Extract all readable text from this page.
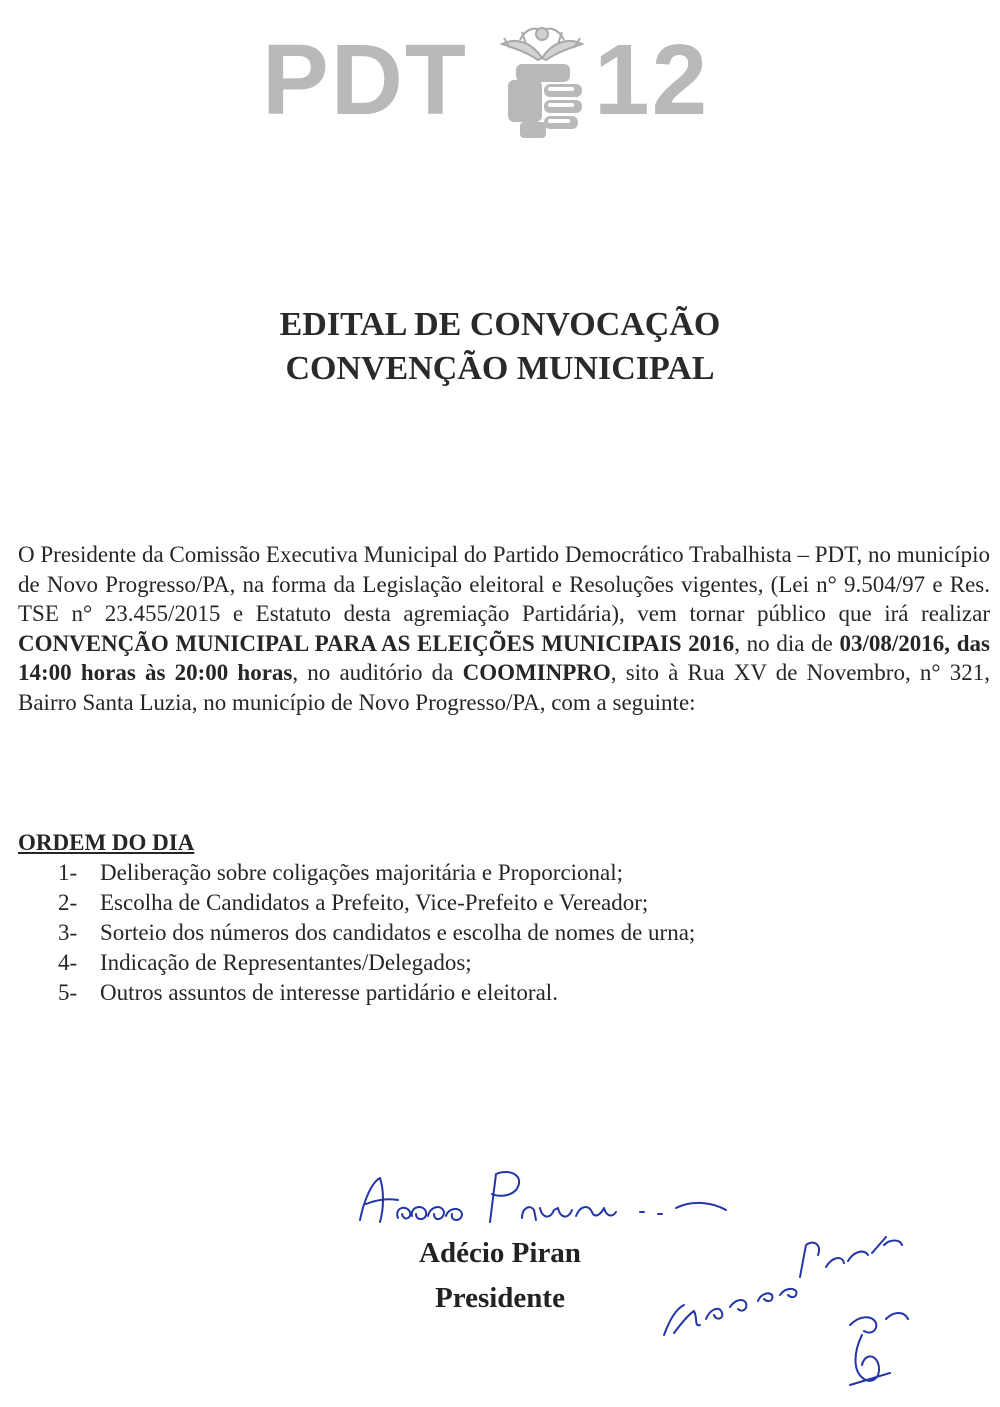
PDT 12
EDITAL DE CONVOCAÇÃO
CONVENÇÃO MUNICIPAL
O Presidente da Comissão Executiva Municipal do Partido Democrático Trabalhista – PDT, no município de Novo Progresso/PA, na forma da Legislação eleitoral e Resoluções vigentes, (Lei n° 9.504/97 e Res. TSE n° 23.455/2015 e Estatuto desta agremiação Partidária), vem tornar público que irá realizar CONVENÇÃO MUNICIPAL PARA AS ELEIÇÕES MUNICIPAIS 2016, no dia de 03/08/2016, das 14:00 horas às 20:00 horas, no auditório da COOMINPRO, sito à Rua XV de Novembro, n° 321, Bairro Santa Luzia, no município de Novo Progresso/PA, com a seguinte:
ORDEM DO DIA
1- Deliberação sobre coligações majoritária e Proporcional;
2- Escolha de Candidatos a Prefeito, Vice-Prefeito e Vereador;
3- Sorteio dos números dos candidatos e escolha de nomes de urna;
4- Indicação de Representantes/Delegados;
5- Outros assuntos de interesse partidário e eleitoral.
Adécio Piran
Presidente
